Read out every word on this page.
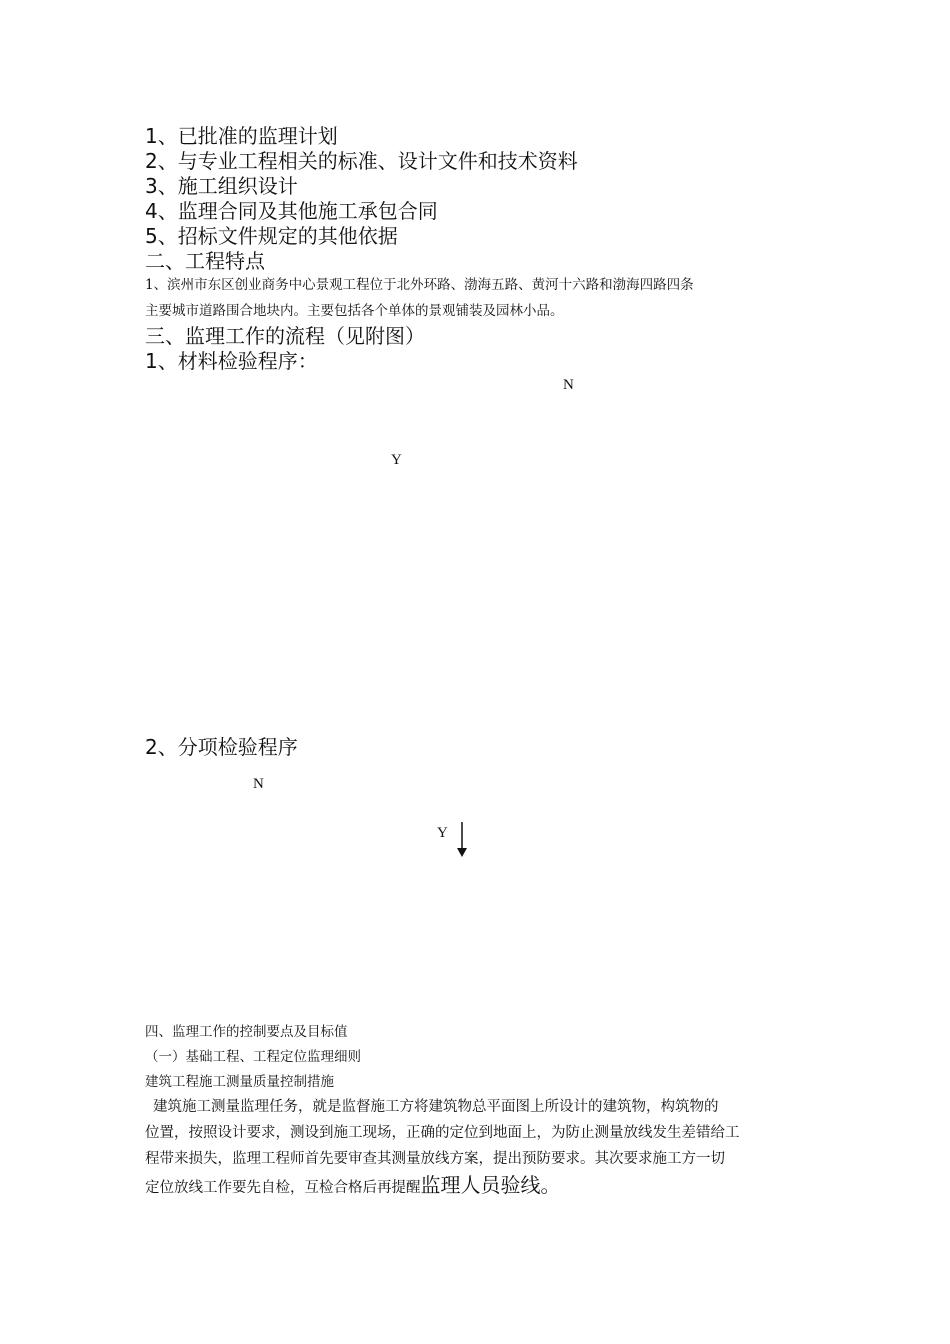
1、已批准的监理计划
2、与专业工程相关的标准、设计文件和技术资料
3、施工组织设计
4、监理合同及其他施工承包合同
5、招标文件规定的其他依据
二、工程特点
1、滨州市东区创业商务中心景观工程位于北外环路、渤海五路、黄河十六路和渤海四路四条
主要城市道路围合地块内。主要包括各个单体的景观铺装及园林小品。
三、监理工作的流程（见附图）
1、材料检验程序：
N
Y
2、分项检验程序
N
Y
四、监理工作的控制要点及目标值
（一）基础工程、工程定位监理细则
建筑工程施工测量质量控制措施
建筑施工测量监理任务，就是监督施工方将建筑物总平面图上所设计的建筑物，构筑物的
位置，按照设计要求，测设到施工现场，正确的定位到地面上，为防止测量放线发生差错给工
程带来损失，监理工程师首先要审查其测量放线方案，提出预防要求。其次要求施工方一切
定位放线工作要先自检，互检合格后再提醒监理人员验线。
